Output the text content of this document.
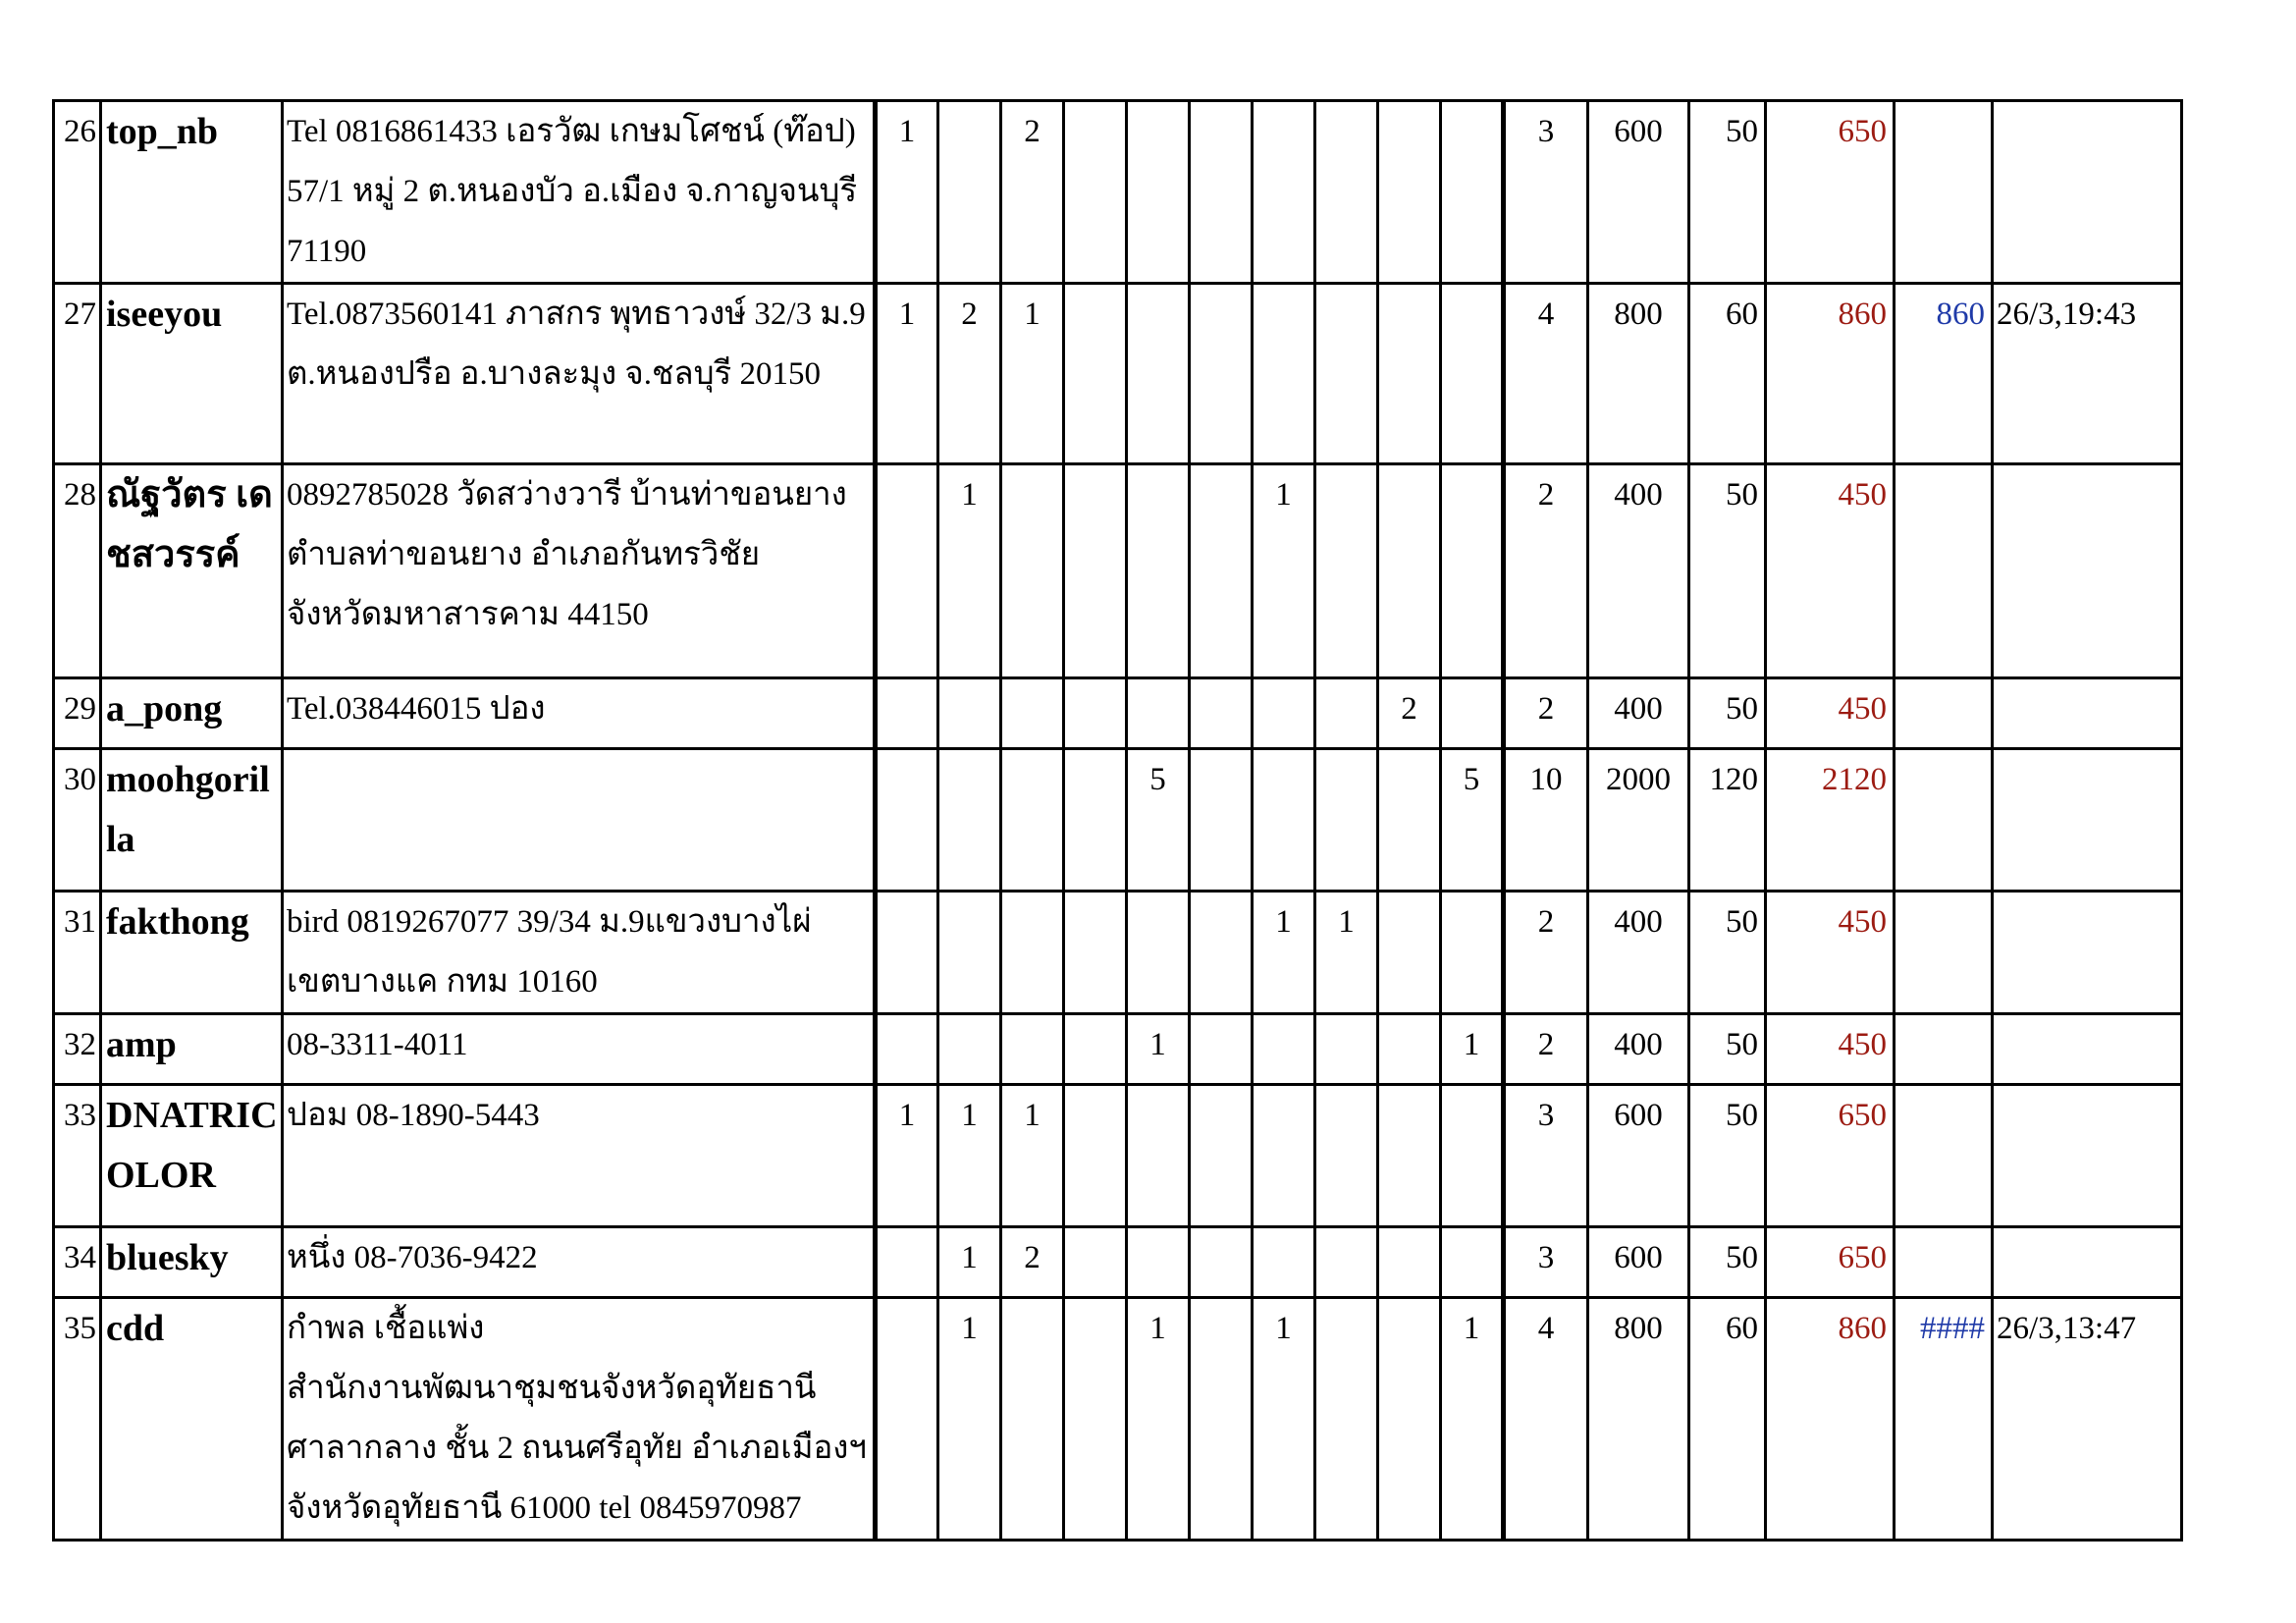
26	top_nb	Tel 0816861433 เอรวัฒ เกษมโศชน์ (ท๊อป)
57/1 หมู่ 2 ต.หนองบัว อ.เมือง จ.กาญจนบุรี
71190	1		2								3	600	50	650		
27	iseeyou	Tel.0873560141 ภาสกร พุทธาวงษ์ 32/3 ม.9
ต.หนองปรือ อ.บางละมุง จ.ชลบุรี 20150	1	2	1								4	800	60	860	860	26/3,19:43
28	ณัฐวัตร เดชสวรรค์	0892785028 วัดสว่างวารี บ้านท่าขอนยาง
ตำบลท่าขอนยาง อำเภอกันทรวิชัย
จังหวัดมหาสารคาม 44150		1					1				2	400	50	450		
29	a_pong	Tel.038446015 ปอง									2		2	400	50	450		
30	moohgorilla						5					5	10	2000	120	2120		
31	fakthong	bird 0819267077 39/34 ม.9แขวงบางไผ่
เขตบางแค กทม 10160							1	1			2	400	50	450		
32	amp	08-3311-4011					1					1	2	400	50	450		
33	DNATRICOLOR	ปอม 08-1890-5443	1	1	1								3	600	50	650		
34	bluesky	หนึ่ง 08-7036-9422		1	2								3	600	50	650		
35	cdd	กำพล เชื้อแพ่ง
สำนักงานพัฒนาชุมชนจังหวัดอุทัยธานี
ศาลากลาง ชั้น 2 ถนนศรีอุทัย อำเภอเมืองฯ
จังหวัดอุทัยธานี 61000 tel 0845970987		1			1		1			1	4	800	60	860	####	26/3,13:47
